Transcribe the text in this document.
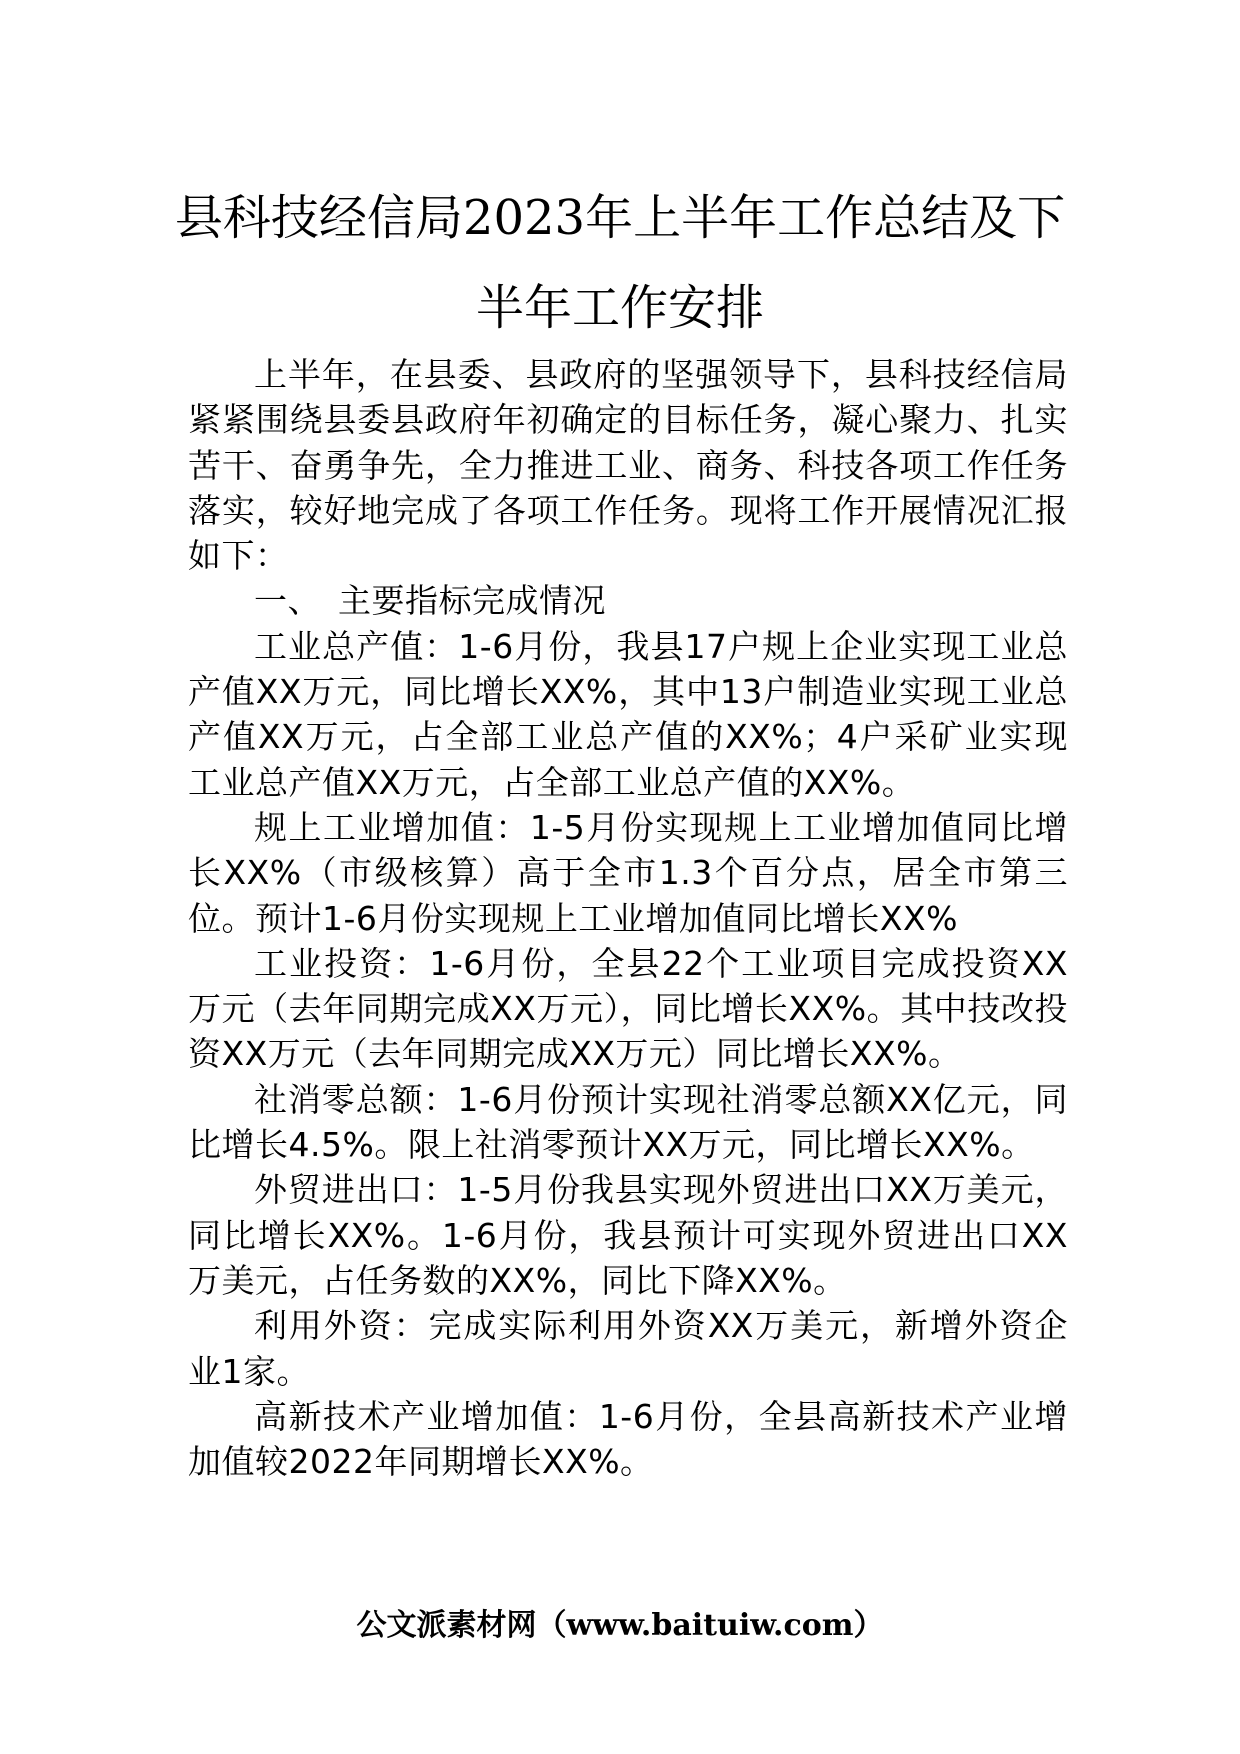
县科技经信局2023年上半年工作总结及下
半年工作安排

上半年，在县委、县政府的坚强领导下，县科技经信局紧紧围绕县委县政府年初确定的目标任务，凝心聚力、扎实苦干、奋勇争先，全力推进工业、商务、科技各项工作任务落实，较好地完成了各项工作任务。现将工作开展情况汇报如下：

一、　主要指标完成情况

工业总产值：1-6月份，我县17户规上企业实现工业总产值XX万元，同比增长XX%，其中13户制造业实现工业总产值XX万元，占全部工业总产值的XX%；4户采矿业实现工业总产值XX万元，占全部工业总产值的XX%。

规上工业增加值：1-5月份实现规上工业增加值同比增长XX%（市级核算）高于全市1.3个百分点，居全市第三位。预计1-6月份实现规上工业增加值同比增长XX%

工业投资：1-6月份，全县22个工业项目完成投资XX万元（去年同期完成XX万元），同比增长XX%。其中技改投资XX万元（去年同期完成XX万元）同比增长XX%。

社消零总额：1-6月份预计实现社消零总额XX亿元，同比增长4.5%。限上社消零预计XX万元，同比增长XX%。

外贸进出口：1-5月份我县实现外贸进出口XX万美元，同比增长XX%。1-6月份，我县预计可实现外贸进出口XX万美元，占任务数的XX%，同比下降XX%。

利用外资：完成实际利用外资XX万美元，新增外资企业1家。

高新技术产业增加值：1-6月份，全县高新技术产业增加值较2022年同期增长XX%。

公文派素材网（www.baituiw.com）
